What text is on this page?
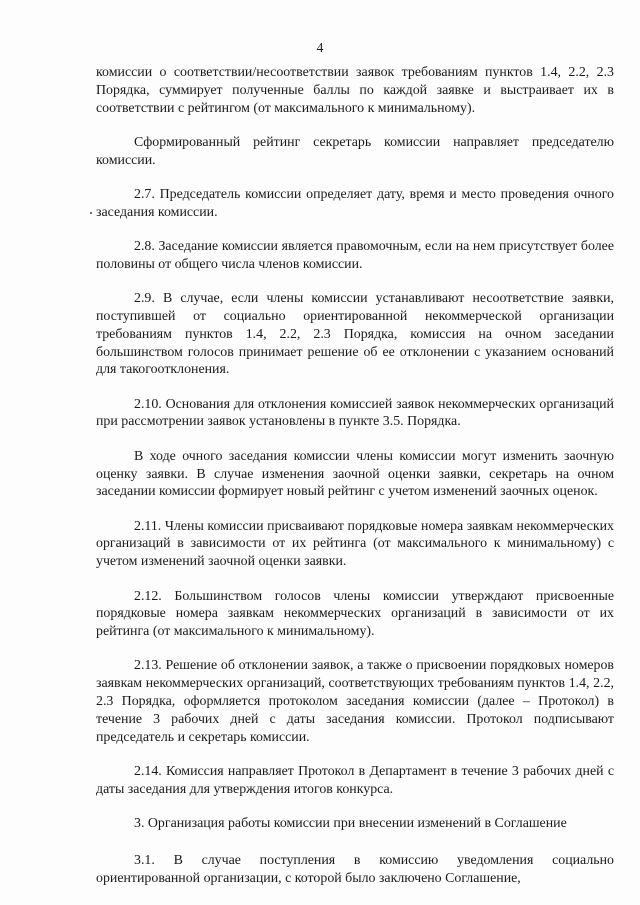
4

комиссии о соответствии/несоответствии заявок требованиям пунктов 1.4, 2.2, 2.3 Порядка, суммирует полученные баллы по каждой заявке и выстраивает их в соответствии с рейтингом (от максимального к минимальному).

Сформированный рейтинг секретарь комиссии направляет председателю комиссии.

2.7. Председатель комиссии определяет дату, время и место проведения очного заседания комиссии.

2.8. Заседание комиссии является правомочным, если на нем присутствует более половины от общего числа членов комиссии.

2.9. В случае, если члены комиссии устанавливают несоответствие заявки, поступившей от социально ориентированной некоммерческой организации требованиям пунктов 1.4, 2.2, 2.3 Порядка, комиссия на очном заседании большинством голосов принимает решение об ее отклонении с указанием оснований для такогоотклонения.

2.10. Основания для отклонения комиссией заявок некоммерческих организаций при рассмотрении заявок установлены в пункте 3.5. Порядка.

В ходе очного заседания комиссии члены комиссии могут изменить заочную оценку заявки. В случае изменения заочной оценки заявки, секретарь на очном заседании комиссии формирует новый рейтинг с учетом изменений заочных оценок.

2.11. Члены комиссии присваивают порядковые номера заявкам некоммерческих организаций в зависимости от их рейтинга (от максимального к минимальному) с учетом изменений заочной оценки заявки.

2.12. Большинством голосов члены комиссии утверждают присвоенные порядковые номера заявкам некоммерческих организаций в зависимости от их рейтинга (от максимального к минимальному).

2.13. Решение об отклонении заявок, а также о присвоении порядковых номеров заявкам некоммерческих организаций, соответствующих требованиям пунктов 1.4, 2.2, 2.3 Порядка, оформляется протоколом заседания комиссии (далее – Протокол) в течение 3 рабочих дней с даты заседания комиссии. Протокол подписывают председатель и секретарь комиссии.

2.14. Комиссия направляет Протокол в Департамент в течение 3 рабочих дней с даты заседания для утверждения итогов конкурса.

3. Организация работы комиссии при внесении изменений в Соглашение

3.1. В случае поступления в комиссию уведомления социально ориентированной организации, с которой было заключено Соглашение,
